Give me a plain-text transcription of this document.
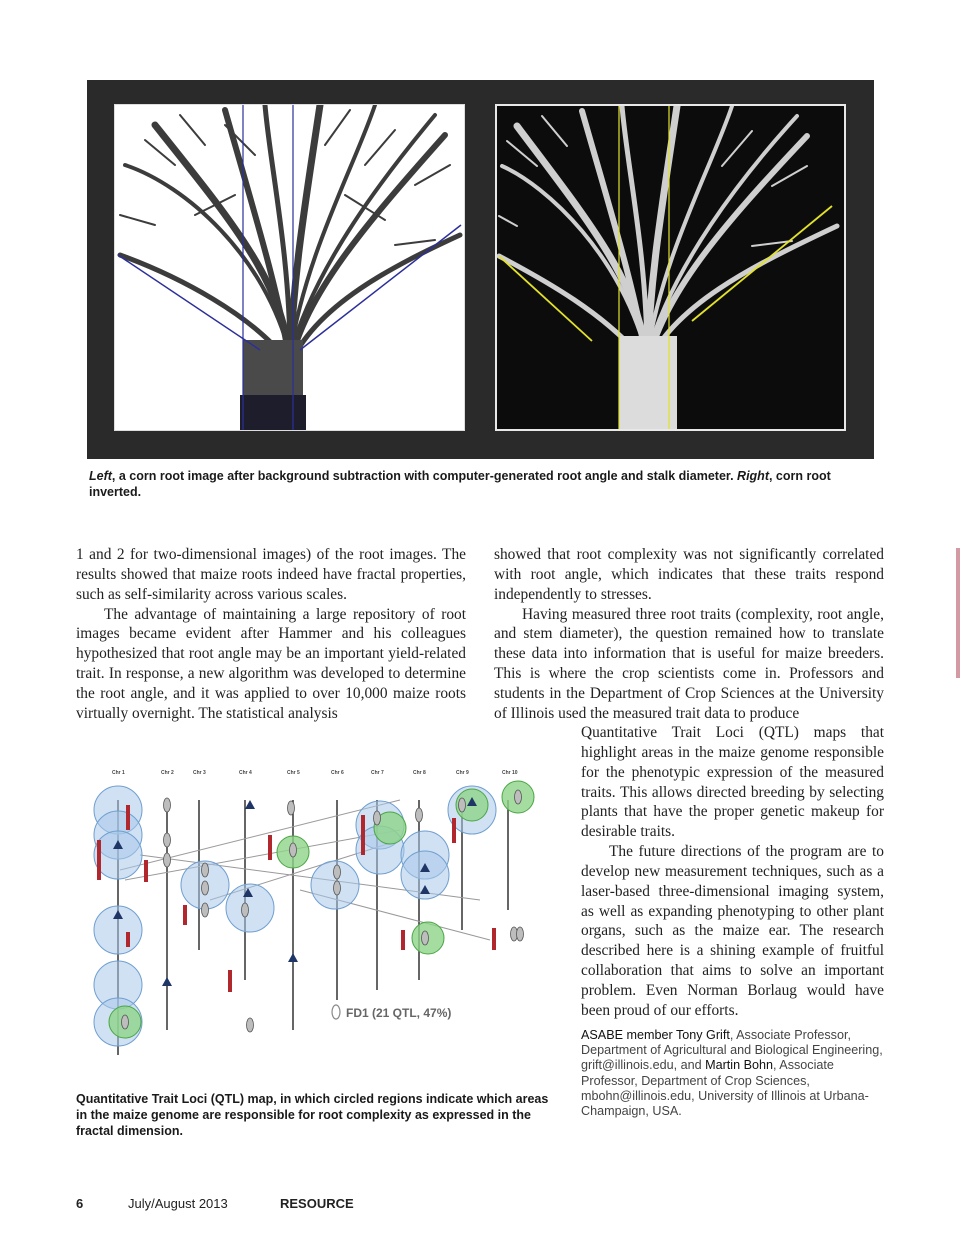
Left, a corn root image after background subtraction with computer-generated root angle and stalk diameter. Right, corn root inverted.

1 and 2 for two-dimensional images) of the root images. The results showed that maize roots indeed have fractal properties, such as self-similarity across various scales.

The advantage of maintaining a large repository of root images became evident after Hammer and his colleagues hypothesized that root angle may be an important yield-related trait. In response, a new algorithm was developed to determine the root angle, and it was applied to over 10,000 maize roots virtually overnight. The statistical analysis

showed that root complexity was not significantly correlated with root angle, which indicates that these traits respond independently to stresses.

Having measured three root traits (complexity, root angle, and stem diameter), the question remained how to translate these data into information that is useful for maize breeders. This is where the crop scientists come in. Professors and students in the Department of Crop Sciences at the University of Illinois used the measured trait data to produce

Quantitative Trait Loci (QTL) maps that highlight areas in the maize genome responsible for the phenotypic expression of the measured traits. This allows directed breeding by selecting plants that have the proper genetic makeup for desirable traits.

The future directions of the program are to develop new measurement techniques, such as a laser-based three-dimensional imaging system, as well as expanding phenotyping to other plant organs, such as the maize ear. The research described here is a shining example of fruitful collaboration that aims to solve an important problem. Even Norman Borlaug would have been proud of our efforts.

Chr 1	Chr 2	Chr 3	Chr 4	Chr 5	Chr 6	Chr 7	Chr 8	Chr 9	Chr 10
FD1 (21 QTL, 47%)
Quantitative Trait Loci (QTL) map, in which circled regions indicate which areas in the maize genome are responsible for root complexity as expressed in the fractal dimension.
ASABE member Tony Grift, Associate Professor, Department of Agricultural and Biological Engineering, grift@illinois.edu, and Martin Bohn, Associate Professor, Department of Crop Sciences, mbohn@illinois.edu, University of Illinois at Urbana-Champaign, USA.
6	July/August 2013	RESOURCE
